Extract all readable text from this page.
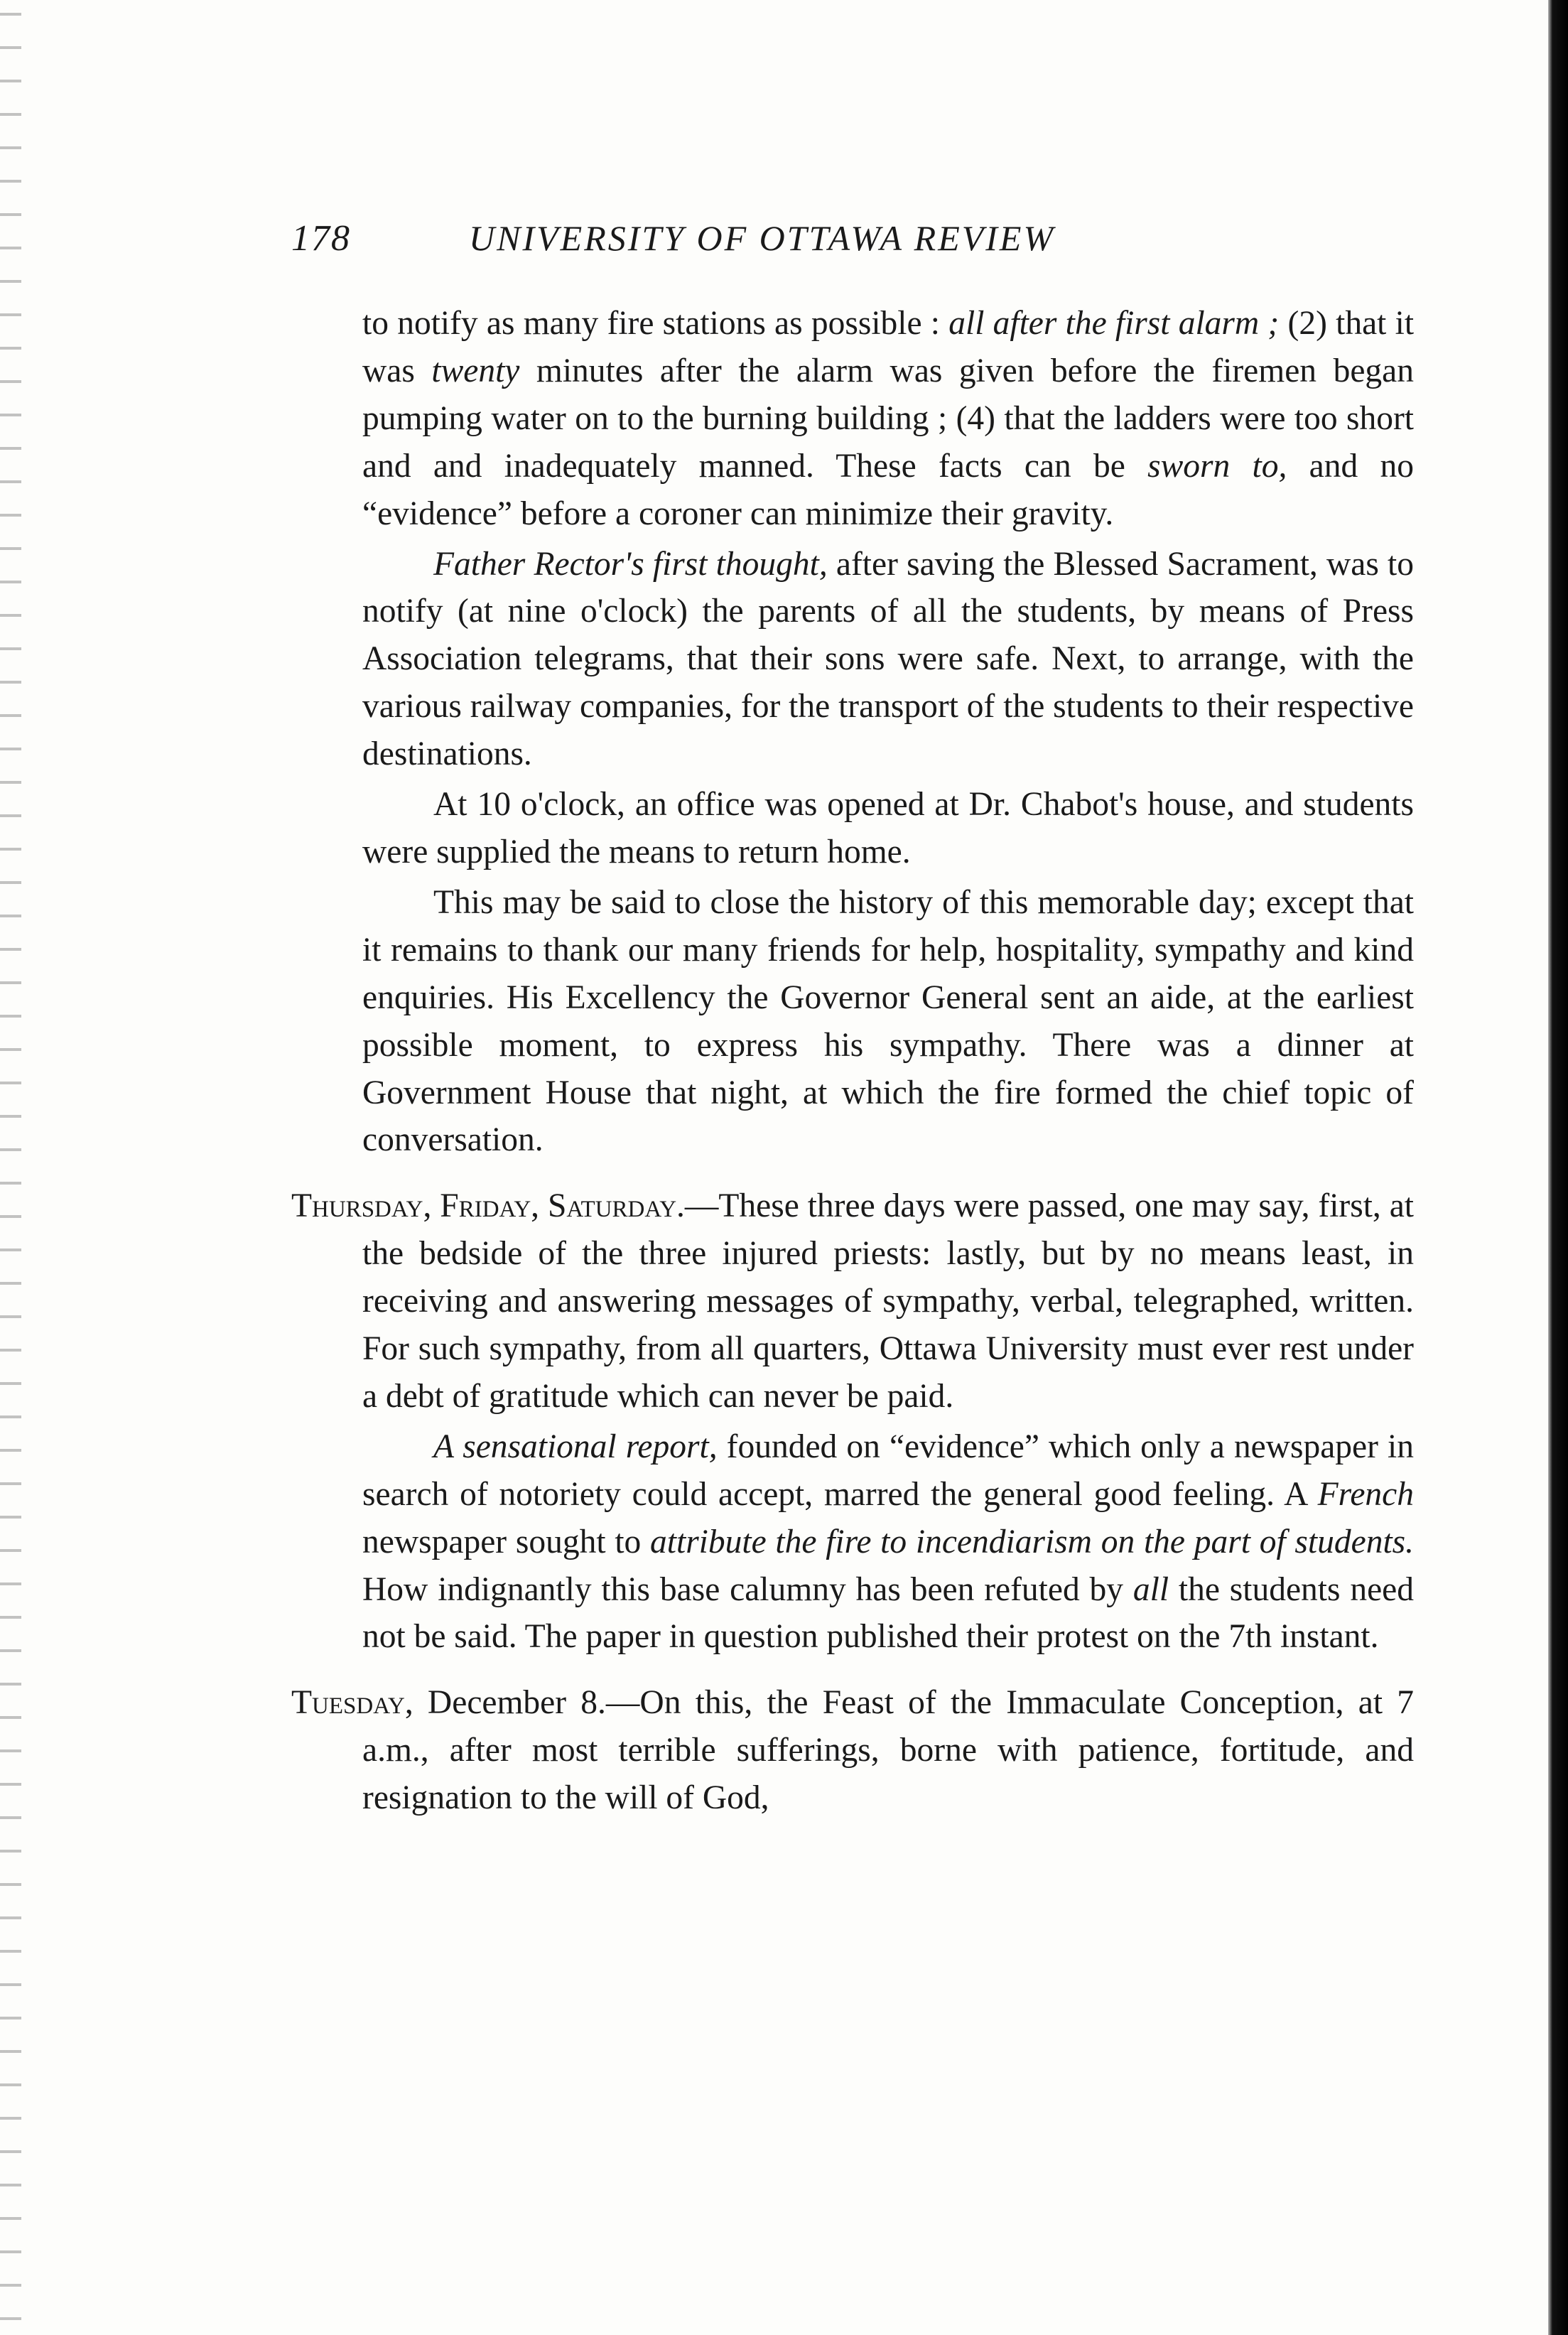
178	UNIVERSITY OF OTTAWA REVIEW

to notify as many fire stations as possible : all after the first alarm ; (2) that it was twenty minutes after the alarm was given before the firemen began pumping water on to the burning building ; (4) that the ladders were too short and and inadequately manned. These facts can be sworn to, and no “evidence” before a coroner can minimize their gravity.

Father Rector's first thought, after saving the Blessed Sacrament, was to notify (at nine o'clock) the parents of all the students, by means of Press Association telegrams, that their sons were safe. Next, to arrange, with the various railway companies, for the transport of the students to their respective destinations.

At 10 o'clock, an office was opened at Dr. Chabot's house, and students were supplied the means to return home.

This may be said to close the history of this memorable day; except that it remains to thank our many friends for help, hospitality, sympathy and kind enquiries. His Excellency the Governor General sent an aide, at the earliest possible moment, to express his sympathy. There was a dinner at Government House that night, at which the fire formed the chief topic of conversation.

Thursday, Friday, Saturday.—These three days were passed, one may say, first, at the bedside of the three injured priests: lastly, but by no means least, in receiving and answering messages of sympathy, verbal, telegraphed, written. For such sympathy, from all quarters, Ottawa University must ever rest under a debt of gratitude which can never be paid.

A sensational report, founded on “evidence” which only a newspaper in search of notoriety could accept, marred the general good feeling. A French newspaper sought to attribute the fire to incendiarism on the part of students. How indignantly this base calumny has been refuted by all the students need not be said. The paper in question published their protest on the 7th instant.

Tuesday, December 8.—On this, the Feast of the Immaculate Conception, at 7 a.m., after most terrible sufferings, borne with patience, fortitude, and resignation to the will of God,
